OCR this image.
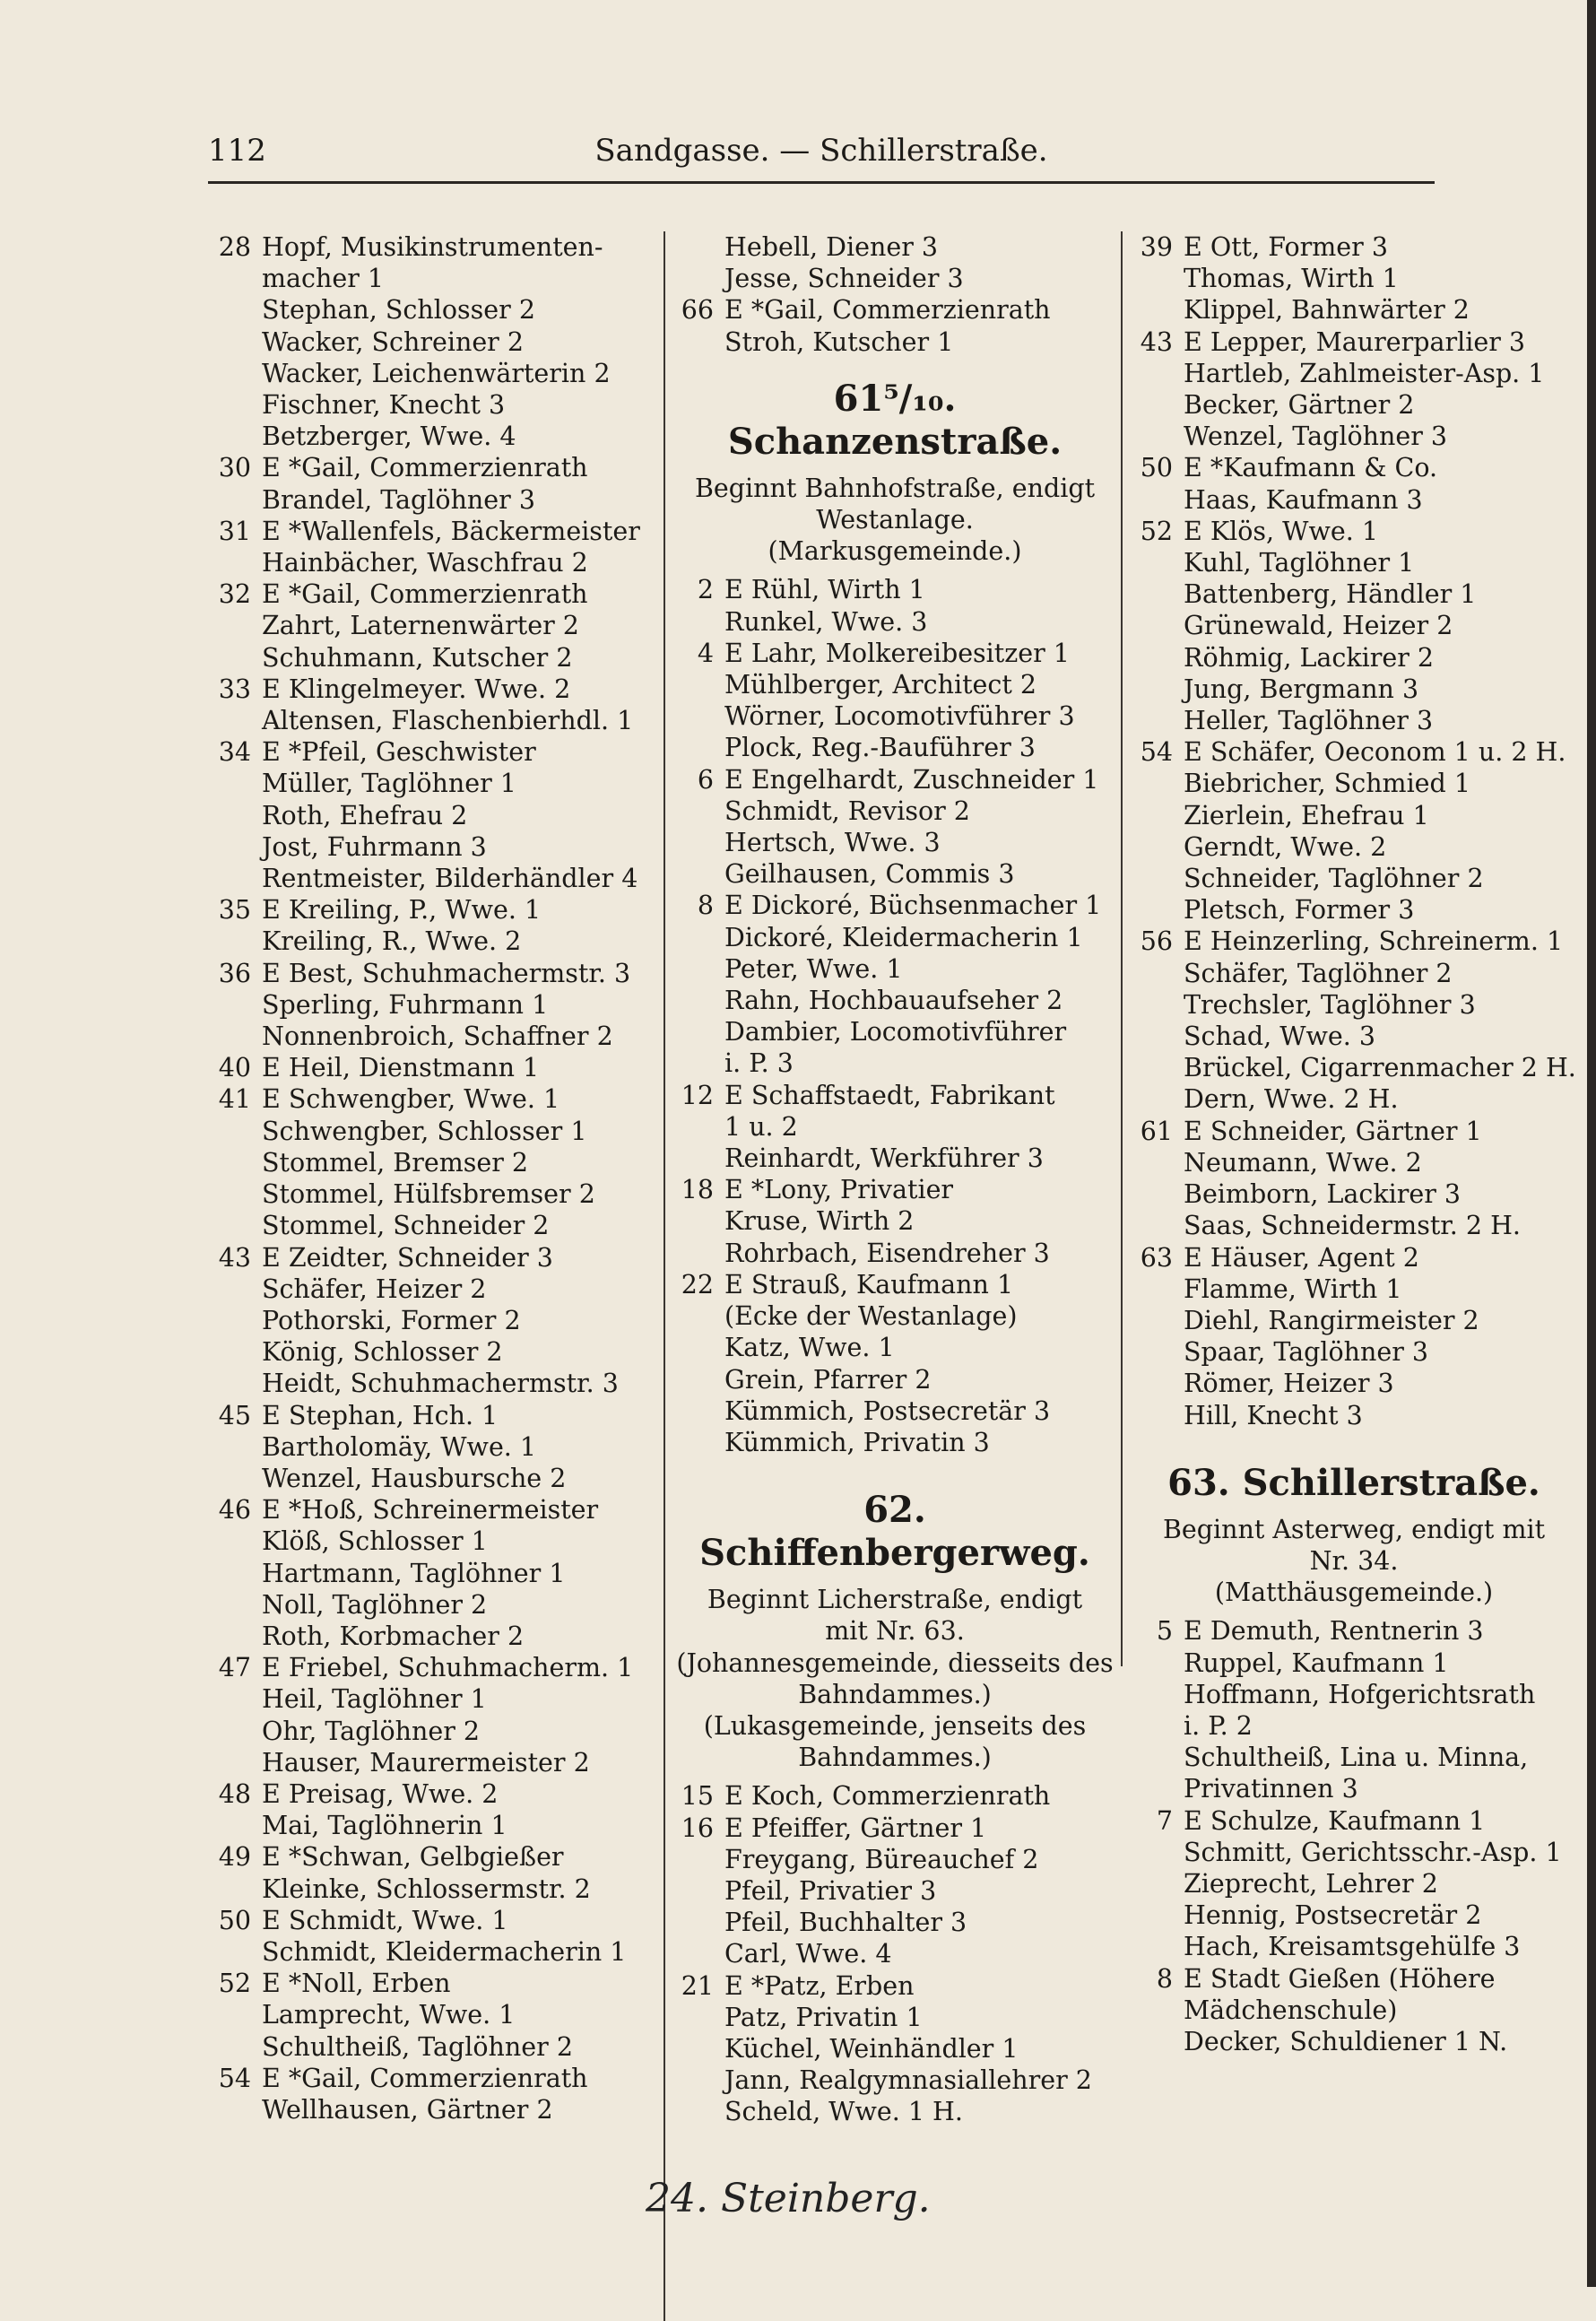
112	Sandgasse. — Schillerstraße.
28 Hopf, Musikinstrumenten-
macher 1
Stephan, Schlosser 2
Wacker, Schreiner 2
Wacker, Leichenwärterin 2
Fischner, Knecht 3
Betzberger, Wwe. 4
30 E *Gail, Commerzienrath
Brandel, Taglöhner 3
31 E *Wallenfels, Bäckermeister
Hainbächer, Waschfrau 2
32 E *Gail, Commerzienrath
Zahrt, Laternenwärter 2
Schuhmann, Kutscher 2
33 E Klingelmeyer. Wwe. 2
Altensen, Flaschenbierhdl. 1
34 E *Pfeil, Geschwister
Müller, Taglöhner 1
Roth, Ehefrau 2
Jost, Fuhrmann 3
Rentmeister, Bilderhändler 4
35 E Kreiling, P., Wwe. 1
Kreiling, R., Wwe. 2
36 E Best, Schuhmachermstr. 3
Sperling, Fuhrmann 1
Nonnenbroich, Schaffner 2
40 E Heil, Dienstmann 1
41 E Schwengber, Wwe. 1
Schwengber, Schlosser 1
Stommel, Bremser 2
Stommel, Hülfsbremser 2
Stommel, Schneider 2
43 E Zeidter, Schneider 3
Schäfer, Heizer 2
Pothorski, Former 2
König, Schlosser 2
Heidt, Schuhmachermstr. 3
45 E Stephan, Hch. 1
Bartholomäy, Wwe. 1
Wenzel, Hausbursche 2
46 E *Hoß, Schreinermeister
Klöß, Schlosser 1
Hartmann, Taglöhner 1
Noll, Taglöhner 2
Roth, Korbmacher 2
47 E Friebel, Schuhmacherm. 1
Heil, Taglöhner 1
Ohr, Taglöhner 2
Hauser, Maurermeister 2
48 E Preisag, Wwe. 2
Mai, Taglöhnerin 1
49 E *Schwan, Gelbgießer
Kleinke, Schlossermstr. 2
50 E Schmidt, Wwe. 1
Schmidt, Kleidermacherin 1
52 E *Noll, Erben
Lamprecht, Wwe. 1
Schultheiß, Taglöhner 2
54 E *Gail, Commerzienrath
Wellhausen, Gärtner 2
Hebell, Diener 3
Jesse, Schneider 3
66 E *Gail, Commerzienrath
Stroh, Kutscher 1
61⁵/₁₀. Schanzenstraße.
Beginnt Bahnhofstraße, endigt
Westanlage.
(Markusgemeinde.)
2 E Rühl, Wirth 1
Runkel, Wwe. 3
4 E Lahr, Molkereibesitzer 1
Mühlberger, Architect 2
Wörner, Locomotivführer 3
Plock, Reg.-Bauführer 3
6 E Engelhardt, Zuschneider 1
Schmidt, Revisor 2
Hertsch, Wwe. 3
Geilhausen, Commis 3
8 E Dickoré, Büchsenmacher 1
Dickoré, Kleidermacherin 1
Peter, Wwe. 1
Rahn, Hochbauaufseher 2
Dambier, Locomotivführer
i. P. 3
12 E Schaffstaedt, Fabrikant
1 u. 2
Reinhardt, Werkführer 3
18 E *Lony, Privatier
Kruse, Wirth 2
Rohrbach, Eisendreher 3
22 E Strauß, Kaufmann 1
(Ecke der Westanlage)
Katz, Wwe. 1
Grein, Pfarrer 2
Kümmich, Postsecretär 3
Kümmich, Privatin 3
62. Schiffenbergerweg.
Beginnt Licherstraße, endigt
mit Nr. 63.
(Johannesgemeinde, diesseits des
Bahndammes.)
(Lukasgemeinde, jenseits des
Bahndammes.)
15 E Koch, Commerzienrath
16 E Pfeiffer, Gärtner 1
Freygang, Büreauchef 2
Pfeil, Privatier 3
Pfeil, Buchhalter 3
Carl, Wwe. 4
21 E *Patz, Erben
Patz, Privatin 1
Küchel, Weinhändler 1
Jann, Realgymnasiallehrer 2
Scheld, Wwe. 1 H.
39 E Ott, Former 3
Thomas, Wirth 1
Klippel, Bahnwärter 2
43 E Lepper, Maurerparlier 3
Hartleb, Zahlmeister-Asp. 1
Becker, Gärtner 2
Wenzel, Taglöhner 3
50 E *Kaufmann & Co.
Haas, Kaufmann 3
52 E Klös, Wwe. 1
Kuhl, Taglöhner 1
Battenberg, Händler 1
Grünewald, Heizer 2
Röhmig, Lackirer 2
Jung, Bergmann 3
Heller, Taglöhner 3
54 E Schäfer, Oeconom 1 u. 2 H.
Biebricher, Schmied 1
Zierlein, Ehefrau 1
Gerndt, Wwe. 2
Schneider, Taglöhner 2
Pletsch, Former 3
56 E Heinzerling, Schreinerm. 1
Schäfer, Taglöhner 2
Trechsler, Taglöhner 3
Schad, Wwe. 3
Brückel, Cigarrenmacher 2 H.
Dern, Wwe. 2 H.
61 E Schneider, Gärtner 1
Neumann, Wwe. 2
Beimborn, Lackirer 3
Saas, Schneidermstr. 2 H.
63 E Häuser, Agent 2
Flamme, Wirth 1
Diehl, Rangirmeister 2
Spaar, Taglöhner 3
Römer, Heizer 3
Hill, Knecht 3
63. Schillerstraße.
Beginnt Asterweg, endigt mit
Nr. 34.
(Matthäusgemeinde.)
5 E Demuth, Rentnerin 3
Ruppel, Kaufmann 1
Hoffmann, Hofgerichtsrath
i. P. 2
Schultheiß, Lina u. Minna,
Privatinnen 3
7 E Schulze, Kaufmann 1
Schmitt, Gerichtsschr.-Asp. 1
Zieprecht, Lehrer 2
Hennig, Postsecretär 2
Hach, Kreisamtsgehülfe 3
8 E Stadt Gießen (Höhere
Mädchenschule)
Decker, Schuldiener 1 N.
24. Steinberg.
